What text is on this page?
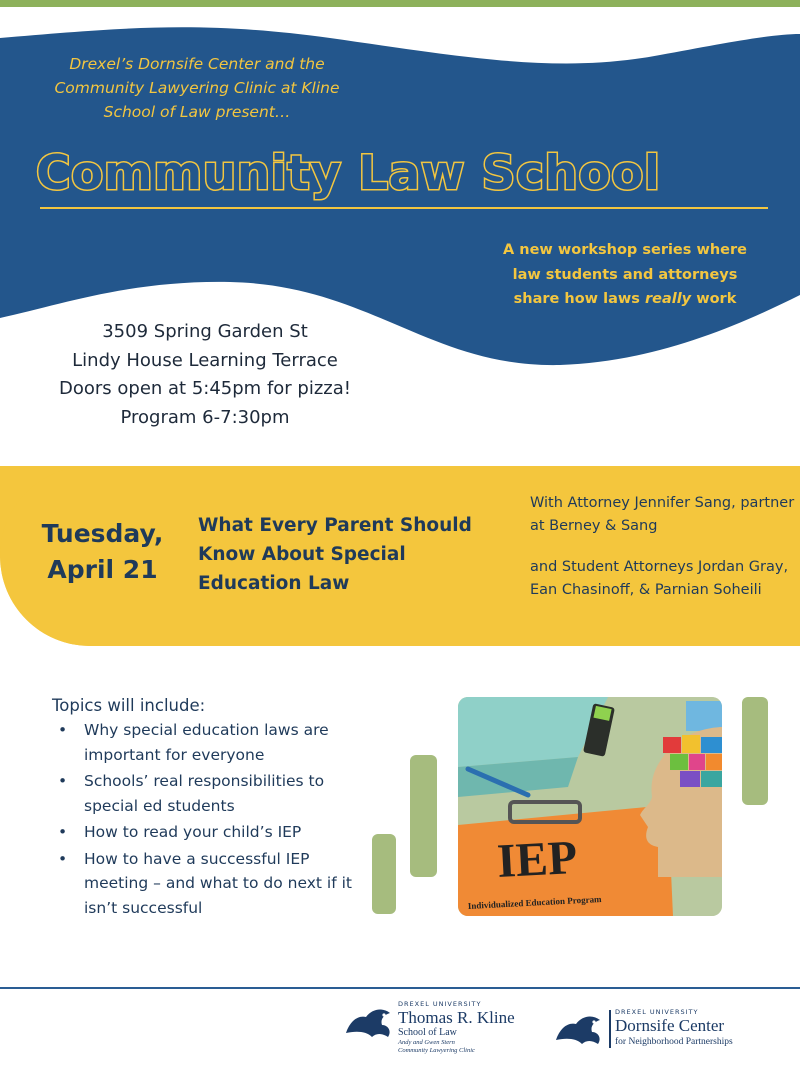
Drexel’s Dornsife Center and the
Community Lawyering Clinic at Kline
School of Law present…
Community Law School
A new workshop series where law students and attorneys share how laws really work
3509 Spring Garden St
Lindy House Learning Terrace
Doors open at 5:45pm for pizza!
Program 6-7:30pm
Tuesday,
April 21
What Every Parent Should Know About Special Education Law
With Attorney Jennifer Sang, partner at Berney & Sang
and Student Attorneys Jordan Gray, Ean Chasinoff, & Parnian Soheili
Topics will include:
• Why special education laws are important for everyone
• Schools’ real responsibilities to special ed students
• How to read your child’s IEP
• How to have a successful IEP meeting – and what to do next if it isn’t successful
IEP
Individualized Education Program
DREXEL UNIVERSITY
Thomas R. Kline
School of Law
Andy and Gwen Stern
Community Lawyering Clinic
DREXEL UNIVERSITY
Dornsife Center
for Neighborhood Partnerships
